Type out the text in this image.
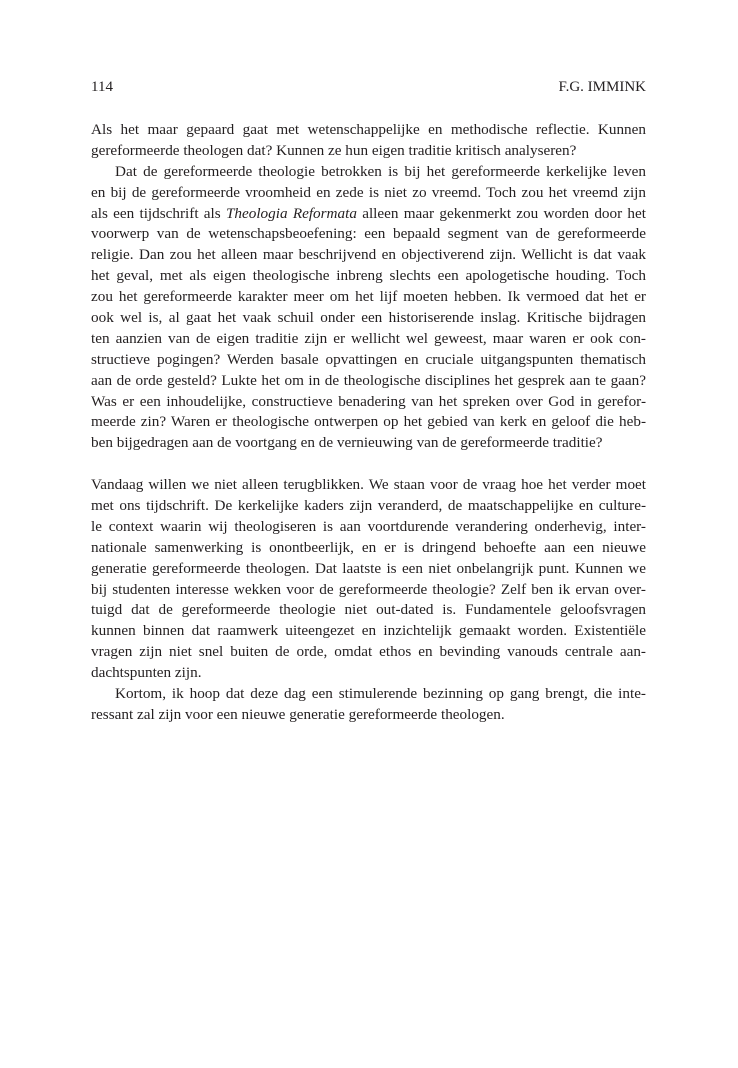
114	F.G. IMMINK
Als het maar gepaard gaat met wetenschappelijke en methodische reflectie. Kunnen
gereformeerde theologen dat? Kunnen ze hun eigen traditie kritisch analyseren?
Dat de gereformeerde theologie betrokken is bij het gereformeerde kerkelijke leven
en bij de gereformeerde vroomheid en zede is niet zo vreemd. Toch zou het vreemd zijn
als een tijdschrift als Theologia Reformata alleen maar gekenmerkt zou worden door het
voorwerp van de wetenschapsbeoefening: een bepaald segment van de gereformeerde
religie. Dan zou het alleen maar beschrijvend en objectiverend zijn. Wellicht is dat vaak
het geval, met als eigen theologische inbreng slechts een apologetische houding. Toch
zou het gereformeerde karakter meer om het lijf moeten hebben. Ik vermoed dat het er
ook wel is, al gaat het vaak schuil onder een historiserende inslag. Kritische bijdragen
ten aanzien van de eigen traditie zijn er wellicht wel geweest, maar waren er ook con-
structieve pogingen? Werden basale opvattingen en cruciale uitgangspunten thematisch
aan de orde gesteld? Lukte het om in de theologische disciplines het gesprek aan te gaan?
Was er een inhoudelijke, constructieve benadering van het spreken over God in gerefor-
meerde zin? Waren er theologische ontwerpen op het gebied van kerk en geloof die heb-
ben bijgedragen aan de voortgang en de vernieuwing van de gereformeerde traditie?
Vandaag willen we niet alleen terugblikken. We staan voor de vraag hoe het verder moet
met ons tijdschrift. De kerkelijke kaders zijn veranderd, de maatschappelijke en culture-
le context waarin wij theologiseren is aan voortdurende verandering onderhevig, inter-
nationale samenwerking is onontbeerlijk, en er is dringend behoefte aan een nieuwe
generatie gereformeerde theologen. Dat laatste is een niet onbelangrijk punt. Kunnen we
bij studenten interesse wekken voor de gereformeerde theologie? Zelf ben ik ervan over-
tuigd dat de gereformeerde theologie niet out-dated is. Fundamentele geloofsvragen
kunnen binnen dat raamwerk uiteengezet en inzichtelijk gemaakt worden. Existentiële
vragen zijn niet snel buiten de orde, omdat ethos en bevinding vanouds centrale aan-
dachtspunten zijn.
Kortom, ik hoop dat deze dag een stimulerende bezinning op gang brengt, die inte-
ressant zal zijn voor een nieuwe generatie gereformeerde theologen.
